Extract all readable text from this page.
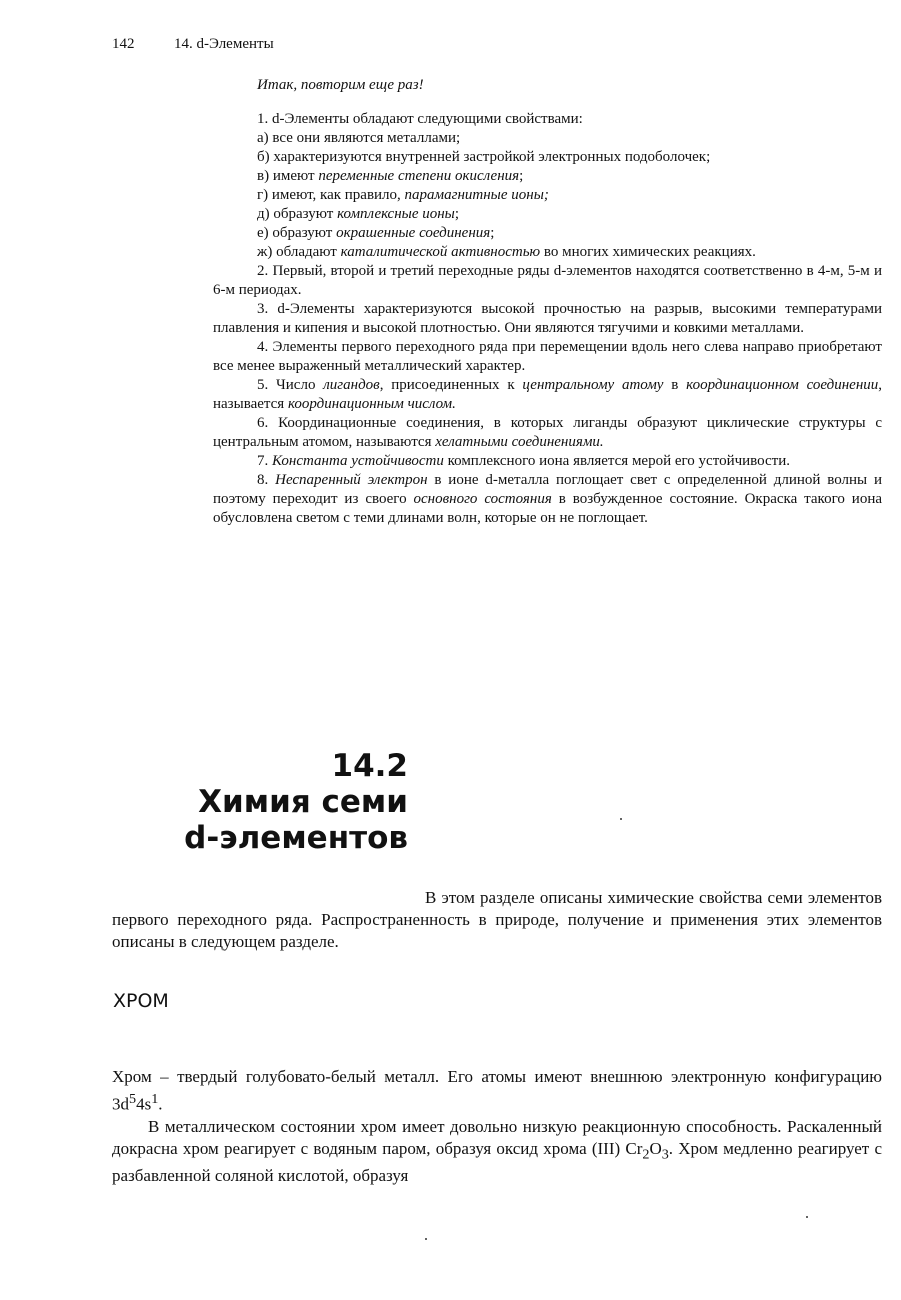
142	14. d-Элементы
Итак, повторим еще раз!

1. d-Элементы обладают следующими свойствами:

а) все они являются металлами;

б) характеризуются внутренней застройкой электронных подоболочек;

в) имеют переменные степени окисления;

г) имеют, как правило, парамагнитные ионы;

д) образуют комплексные ионы;

е) образуют окрашенные соединения;

ж) обладают каталитической активностью во многих химических реакциях.

2. Первый, второй и третий переходные ряды d-элементов находятся соответственно в 4-м, 5-м и 6-м периодах.

3. d-Элементы характеризуются высокой прочностью на разрыв, высокими температурами плавления и кипения и высокой плотностью. Они являются тягучими и ковкими металлами.

4. Элементы первого переходного ряда при перемещении вдоль него слева направо приобретают все менее выраженный металлический характер.

5. Число лигандов, присоединенных к центральному атому в координационном соединении, называется координационным числом.

6. Координационные соединения, в которых лиганды образуют циклические структуры с центральным атомом, называются хелатными соединениями.

7. Константа устойчивости комплексного иона является мерой его устойчивости.

8. Неспаренный электрон в ионе d-металла поглощает свет с определенной длиной волны и поэтому переходит из своего основного состояния в возбужденное состояние. Окраска такого иона обусловлена светом с теми длинами волн, которые он не поглощает.

14.2
Химия семи
d-элементов

В этом разделе описаны химические свойства семи элементов первого переходного ряда. Распространенность в природе, получение и применения этих элементов описаны в следующем разделе.

ХРОМ

Хром – твердый голубовато-белый металл. Его атомы имеют внешнюю электронную конфигурацию $3d^54s^1$.

В металлическом состоянии хром имеет довольно низкую реакционную способность. Раскаленный докрасна хром реагирует с водяным паром, образуя оксид хрома (III) $Cr_2O_3$. Хром медленно реагирует с разбавленной соляной кислотой, образуя
